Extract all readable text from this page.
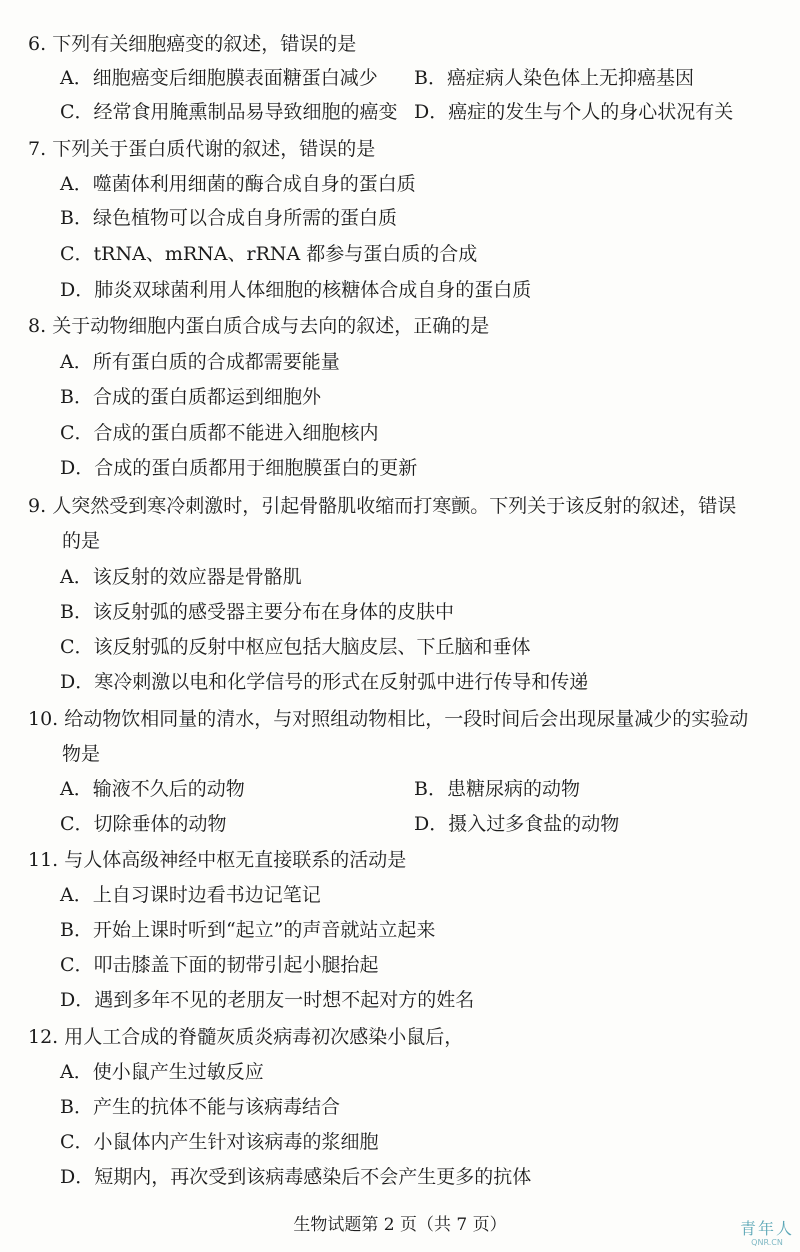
6. 下列有关细胞癌变的叙述，错误的是
A．细胞癌变后细胞膜表面糖蛋白减少 B．癌症病人染色体上无抑癌基因
C．经常食用腌熏制品易导致细胞的癌变 D．癌症的发生与个人的身心状况有关
7. 下列关于蛋白质代谢的叙述，错误的是
A．噬菌体利用细菌的酶合成自身的蛋白质
B．绿色植物可以合成自身所需的蛋白质
C．tRNA、mRNA、rRNA 都参与蛋白质的合成
D．肺炎双球菌利用人体细胞的核糖体合成自身的蛋白质
8. 关于动物细胞内蛋白质合成与去向的叙述，正确的是
A．所有蛋白质的合成都需要能量
B．合成的蛋白质都运到细胞外
C．合成的蛋白质都不能进入细胞核内
D．合成的蛋白质都用于细胞膜蛋白的更新
9. 人突然受到寒冷刺激时，引起骨骼肌收缩而打寒颤。下列关于该反射的叙述，错误
的是
A．该反射的效应器是骨骼肌
B．该反射弧的感受器主要分布在身体的皮肤中
C．该反射弧的反射中枢应包括大脑皮层、下丘脑和垂体
D．寒冷刺激以电和化学信号的形式在反射弧中进行传导和传递
10. 给动物饮相同量的清水，与对照组动物相比，一段时间后会出现尿量减少的实验动
物是
A．输液不久后的动物	B．患糖尿病的动物
C．切除垂体的动物	D．摄入过多食盐的动物
11. 与人体高级神经中枢无直接联系的活动是
A．上自习课时边看书边记笔记
B．开始上课时听到“起立”的声音就站立起来
C．叩击膝盖下面的韧带引起小腿抬起
D．遇到多年不见的老朋友一时想不起对方的姓名
12. 用人工合成的脊髓灰质炎病毒初次感染小鼠后，
A．使小鼠产生过敏反应
B．产生的抗体不能与该病毒结合
C．小鼠体内产生针对该病毒的浆细胞
D．短期内，再次受到该病毒感染后不会产生更多的抗体
生物试题第 2 页（共 7 页）	青年人
QNR.CN
